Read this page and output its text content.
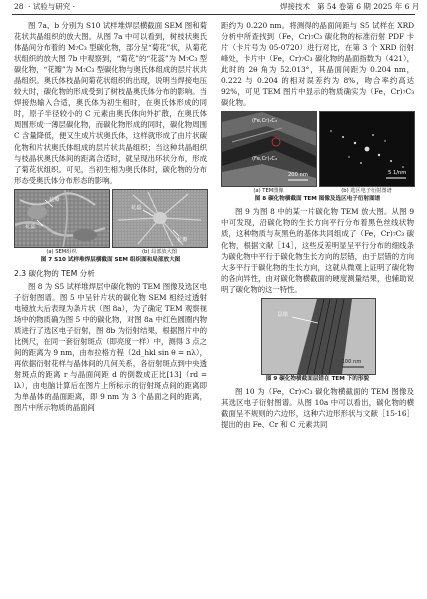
28 · 试验与研究 ·	焊接技术 第 54 卷第 6 期 2025 年 6 月

图 7a、b 分别为 S10 试样堆焊层横截面 SEM 图和菊花状共晶组织的放大图。从图 7a 中可以看到，树枝状奥氏体晶间分布着的 M₇C₃ 型碳化物，部分呈“菊花”状，从菊花状组织的放大图 7b 中观察到，“菊花”的“花蕊”为 M₇C₃ 型碳化物，“花瓣”为 M₇C₃ 型碳化物与奥氏体组成的层片状共晶组织。奥氏体枝晶间菊花状组织的出现，说明当焊接电压较大时，碳化物的形成受到了树枝晶奥氏体分布的影响。当焊接热输入合适，奥氏体为初生相时，在奥氏体形成的同时，原子半径较小的 C 元素由奥氏体向外扩散，在奥氏体周围形成一薄层碳化物，而碳化物形成的同时，碳化物周围 C 含量降低，便又生成片状奥氏体，这样就形成了由片状碳化物和片状奥氏体组成的层片状共晶组织；当这种共晶组织与枝晶状奥氏体间的距离合适时，就呈现出环状分布，形成了菊花状组织。可见，当初生相为奥氏体时，碳化物的分布形态受奥氏体分布形态的影响。

花瓣
花蕊
(a) SEM组织
花蕊
花瓣
(b) 局部放大图
图 7 S10 试样堆焊层横截面 SEM 组织图和局部放大图
2.3 碳化物的 TEM 分析

图 8 为 S5 试样堆焊层中碳化物的 TEM 图像及选区电子衍射图谱。图 5 中呈针片状的碳化物 SEM 相经过透射电镜放大后表现为条片状（图 8a），为了确定 TEM 观察视场中的物质确为图 5 中的碳化物，对图 8a 中红色圆圈内物质进行了选区电子衍射，图 8b 为衍射结果，根据图片中的比例尺，在同一套衍射斑点（即亮度一样）中，测得 3 点之间的距离为 9 nm，由布拉格方程（2d_hkl sin θ = nλ），再依据衍射花样与晶体间的几何关系，各衍射斑点到中央透射斑点的距离 r 与晶面间距 d 的倒数成正比[13]（rd = lλ），由电脑计算后在图片上所标示的衍射斑点间的距离即为单晶体的晶面距离，即 9 nm 为 3 个晶面之间的距离，图片中所示物质的晶面间

距约为 0.220 nm。将测得的晶面间距与 S5 试样在 XRD 分析中所查找到（Fe，Cr)₇C₃ 碳化物的标准衍射 PDF 卡片（卡片号为 05-0720）进行对比，在第 3 个 XRD 衍射峰处，卡片中（Fe，Cr)₇C₃ 碳化物的晶面指数为（421），此时的 2θ 角为 52.013°，其晶面间距为 0.204 nm，0.222 与 0.204 的相对误差约为 8%，吻合率约高达 92%，可见 TEM 图片中显示的物质确实为（Fe，Cr)₇C₃ 碳化物。

(Fe,Cr)₇C₃
(Fe,Cr)₇C₃
200 nm
(a) TEM图像
5 1/nm
(b) 选区电子衍射图谱
图 8 碳化物横截面 TEM 图像及选区电子衍射图谱

图 9 为图 8 中的某一片碳化物 TEM 放大图。从图 9 中可发现，沿碳化物的生长方向平行分布着黑色丝线状物质，这种物质与灰黑色的基体共同组成了（Fe，Cr)₇C₃ 碳化物，根据文献［14］，这些反差明显呈平行分布的细线条为碳化物中平行于碳化物生长方向的层错，由于层错的方向大多平行于碳化物的生长方向，这就从微观上证明了碳化物的各向异性，由对碳化物横截面的硬度测量结果，也辅助说明了碳化物的这一特性。

层错
100 nm
图 9 碳化物横截面层错在 TEM 下的形貌

图 10 为（Fe，Cr)₇C₃ 碳化物横截面的 TEM 图像及其选区电子衍射图谱。从图 10a 中可以看出，碳化物的横截面呈不规则的六边形，这种六边形形状与文献［15-16］提出的由 Fe、Cr 和 C 元素共同
